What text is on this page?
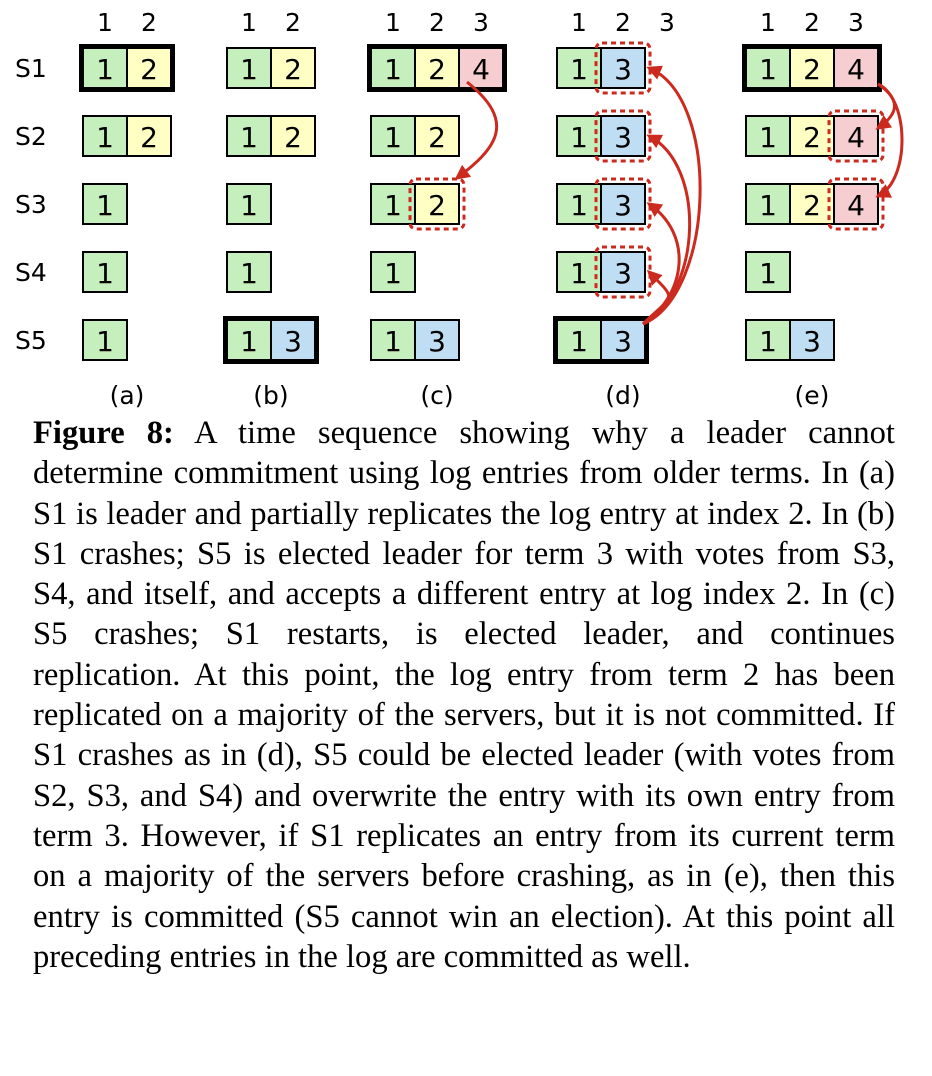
S1
S2
S3
S4
S5
1 2
1 2
1 2
1
1
1
(a)
1 2
1 2
1 2
1
1
1 3
(b)
1 2 3
1 2 4
1 2
1 2
1
1 3
(c)
1 2 3
1 3
1 3
1 3
1 3
1 3
(d)
1 2 3
1 2 4
1 2 4
1 2 4
1
1 3
(e)

Figure 8: A time sequence showing why a leader cannot determine commitment using log entries from older terms. In (a) S1 is leader and partially replicates the log entry at index 2. In (b) S1 crashes; S5 is elected leader for term 3 with votes from S3, S4, and itself, and accepts a different entry at log index 2. In (c) S5 crashes; S1 restarts, is elected leader, and continues replication. At this point, the log entry from term 2 has been replicated on a majority of the servers, but it is not committed. If S1 crashes as in (d), S5 could be elected leader (with votes from S2, S3, and S4) and overwrite the entry with its own entry from term 3. However, if S1 replicates an entry from its current term on a majority of the servers before crashing, as in (e), then this entry is committed (S5 cannot win an election). At this point all preceding entries in the log are committed as well.
